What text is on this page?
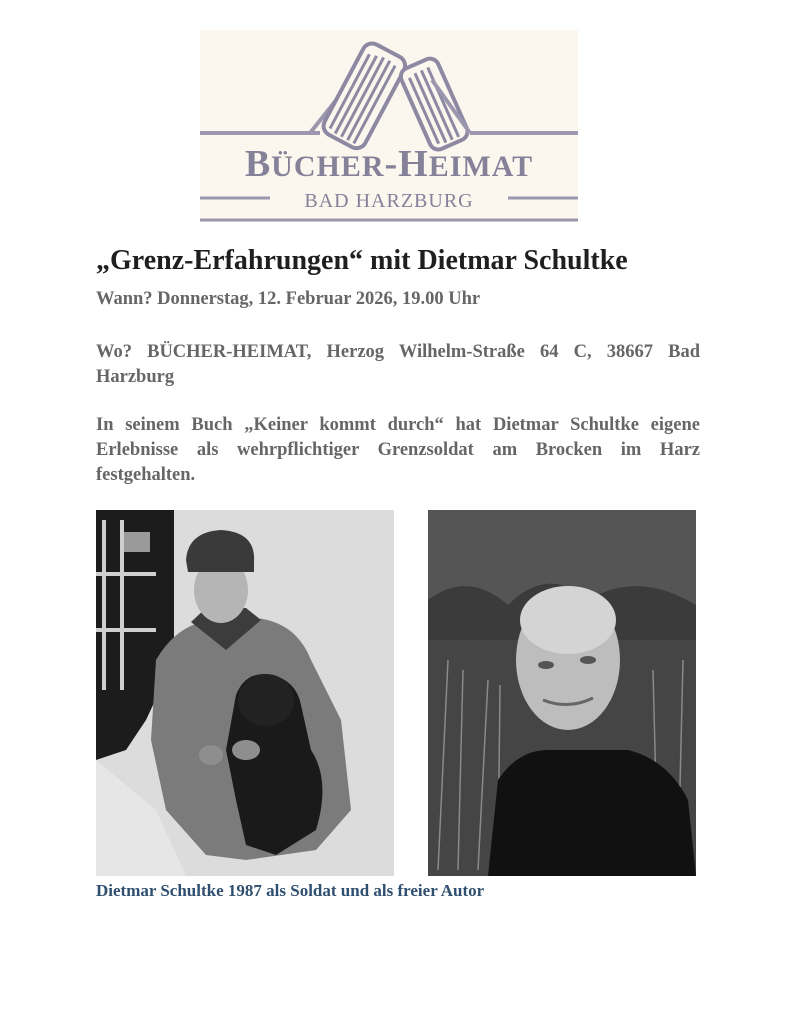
BÜCHER-HEIMAT
BAD HARZBURG
„Grenz-Erfahrungen“ mit Dietmar Schultke
Wann? Donnerstag, 12. Februar 2026, 19.00 Uhr
Wo? BÜCHER-HEIMAT, Herzog Wilhelm-Straße 64 C, 38667 Bad Harzburg
In seinem Buch „Keiner kommt durch“ hat Dietmar Schultke eigene Erlebnisse als wehrpflichtiger Grenzsoldat am Brocken im Harz festgehalten.
Dietmar Schultke 1987 als Soldat und als freier Autor
